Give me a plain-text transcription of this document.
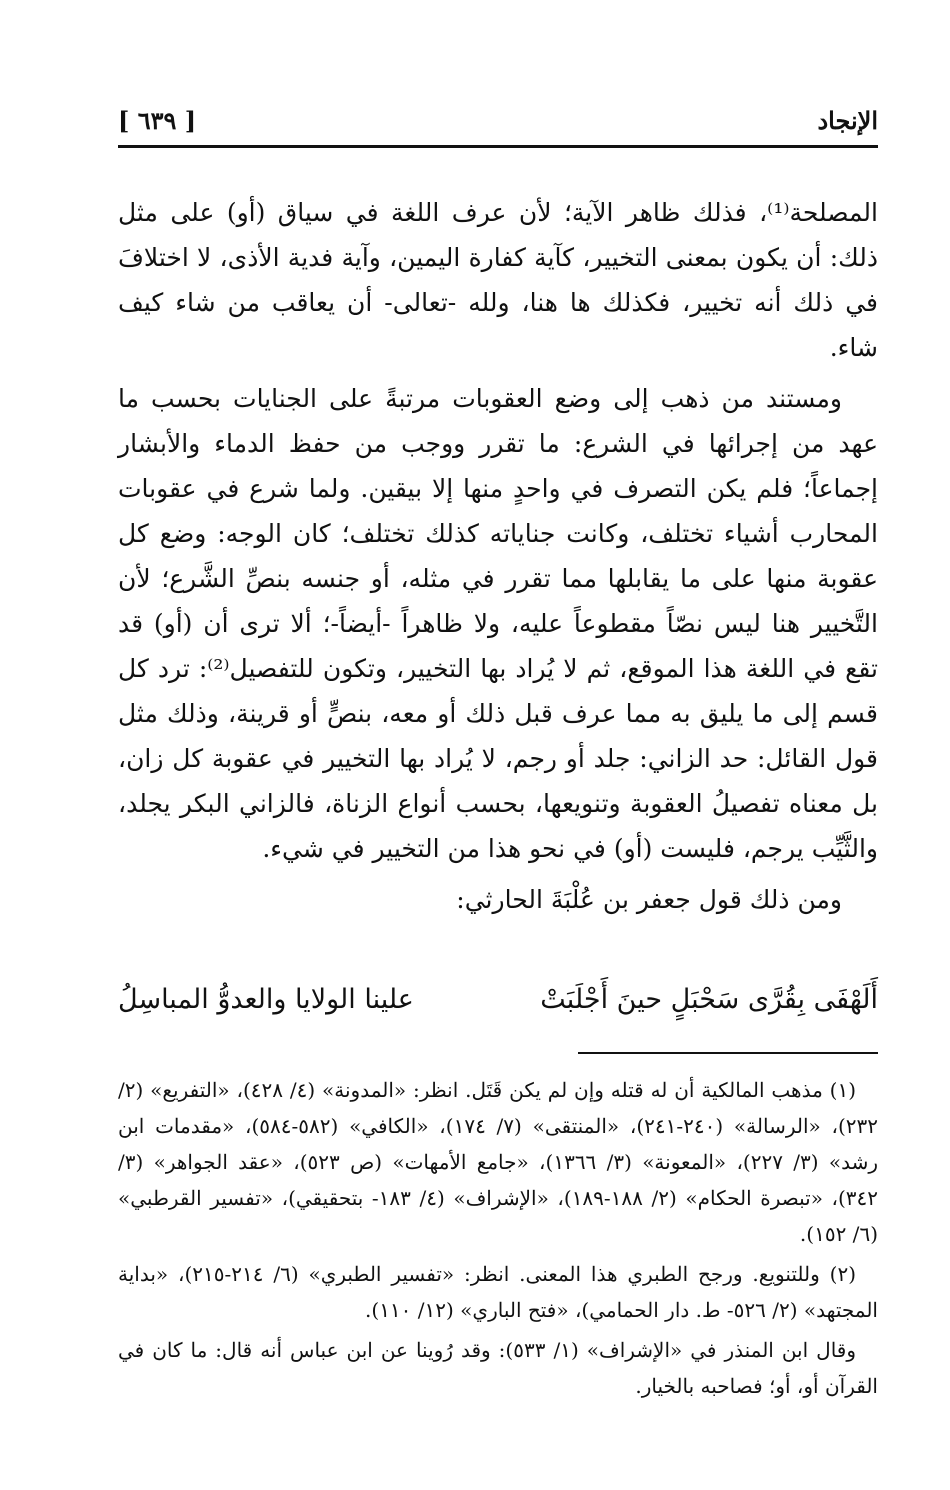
الإنجاد
[ ٦٣٩ ]

المصلحة⁽¹⁾، فذلك ظاهر الآية؛ لأن عرف اللغة في سياق (أو) على مثل ذلك: أن يكون بمعنى التخيير، كآية كفارة اليمين، وآية فدية الأذى، لا اختلافَ في ذلك أنه تخيير، فكذلك ها هنا، ولله -تعالى- أن يعاقب من شاء كيف شاء.

ومستند من ذهب إلى وضع العقوبات مرتبةً على الجنايات بحسب ما عهد من إجرائها في الشرع: ما تقرر ووجب من حفظ الدماء والأبشار إجماعاً؛ فلم يكن التصرف في واحدٍ منها إلا بيقين. ولما شرع في عقوبات المحارب أشياء تختلف، وكانت جناياته كذلك تختلف؛ كان الوجه: وضع كل عقوبة منها على ما يقابلها مما تقرر في مثله، أو جنسه بنصِّ الشَّرع؛ لأن التَّخيير هنا ليس نصّاً مقطوعاً عليه، ولا ظاهراً -أيضاً-؛ ألا ترى أن (أو) قد تقع في اللغة هذا الموقع، ثم لا يُراد بها التخيير، وتكون للتفصيل⁽²⁾: ترد كل قسم إلى ما يليق به مما عرف قبل ذلك أو معه، بنصٍّ أو قرينة، وذلك مثل قول القائل: حد الزاني: جلد أو رجم، لا يُراد بها التخيير في عقوبة كل زان، بل معناه تفصيلُ العقوبة وتنويعها، بحسب أنواع الزناة، فالزاني البكر يجلد، والثَّيِّب يرجم، فليست (أو) في نحو هذا من التخيير في شيء.

ومن ذلك قول جعفر بن عُلْبَةَ الحارثي:

أَلَهْفَى بِقُرَّى سَحْبَلٍ حينَ أَجْلَبَتْ
علينا الولايا والعدوُّ المباسِلُ

(١) مذهب المالكية أن له قتله وإن لم يكن قَتَل. انظر: «المدونة» (٤/ ٤٢٨)، «التفريع» (٢/ ٢٣٢)، «الرسالة» (٢٤٠-٢٤١)، «المنتقى» (٧/ ١٧٤)، «الكافي» (٥٨٢-٥٨٤)، «مقدمات ابن رشد» (٣/ ٢٢٧)، «المعونة» (٣/ ١٣٦٦)، «جامع الأمهات» (ص ٥٢٣)، «عقد الجواهر» (٣/ ٣٤٢)، «تبصرة الحكام» (٢/ ١٨٨-١٨٩)، «الإشراف» (٤/ ١٨٣- بتحقيقي)، «تفسير القرطبي» (٦/ ١٥٢).

(٢) وللتنويع. ورجح الطبري هذا المعنى. انظر: «تفسير الطبري» (٦/ ٢١٤-٢١٥)، «بداية المجتهد» (٢/ ٥٢٦- ط. دار الحمامي)، «فتح الباري» (١٢/ ١١٠).

وقال ابن المنذر في «الإشراف» (١/ ٥٣٣): وقد رُوينا عن ابن عباس أنه قال: ما كان في القرآن أو، أو؛ فصاحبه بالخيار.
